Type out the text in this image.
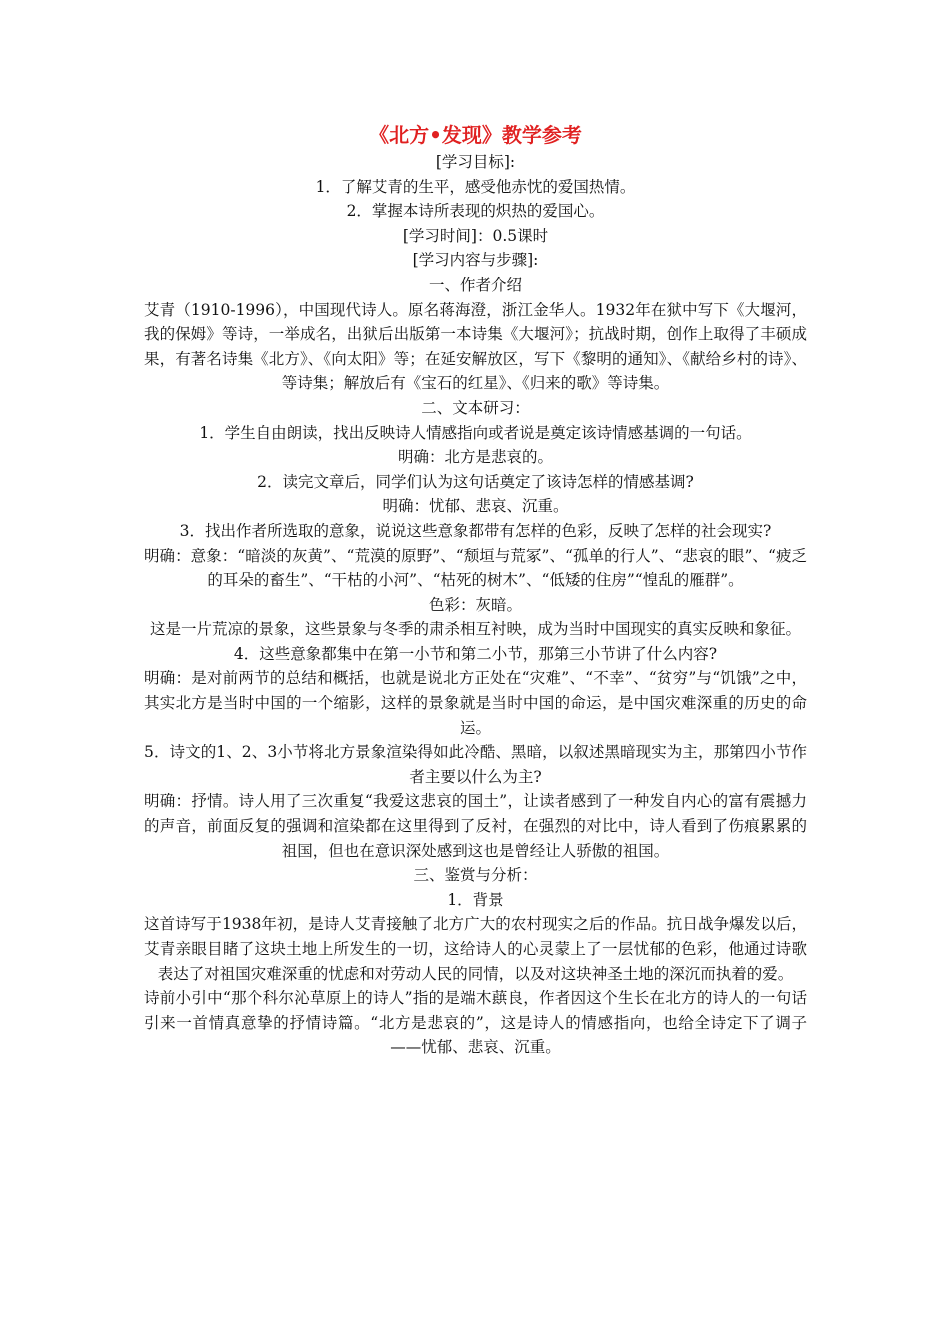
《北方•发现》教学参考

[学习目标]:

1．了解艾青的生平，感受他赤忱的爱国热情。

2．掌握本诗所表现的炽热的爱国心。

[学习时间]：0.5课时

[学习内容与步骤]:

一、作者介绍

艾青（1910-1996），中国现代诗人。原名蒋海澄，浙江金华人。1932年在狱中写下《大堰河，我的保姆》等诗，一举成名，出狱后出版第一本诗集《大堰河》；抗战时期，创作上取得了丰硕成果，有著名诗集《北方》、《向太阳》等；在延安解放区，写下《黎明的通知》、《献给乡村的诗》、等诗集；解放后有《宝石的红星》、《归来的歌》等诗集。

二、文本研习：

1．学生自由朗读，找出反映诗人情感指向或者说是奠定该诗情感基调的一句话。

明确：北方是悲哀的。

2．读完文章后，同学们认为这句话奠定了该诗怎样的情感基调?

明确：忧郁、悲哀、沉重。

3．找出作者所选取的意象，说说这些意象都带有怎样的色彩，反映了怎样的社会现实?

明确：意象：“暗淡的灰黄”、“荒漠的原野”、“颓垣与荒冢”、“孤单的行人”、“悲哀的眼”、“疲乏的耳朵的畜生”、“干枯的小河”、“枯死的树木”、“低矮的住房”“惶乱的雁群”。

色彩：灰暗。

这是一片荒凉的景象，这些景象与冬季的肃杀相互衬映，成为当时中国现实的真实反映和象征。

4．这些意象都集中在第一小节和第二小节，那第三小节讲了什么内容?

明确：是对前两节的总结和概括，也就是说北方正处在“灾难”、“不幸”、“贫穷”与“饥饿”之中，其实北方是当时中国的一个缩影，这样的景象就是当时中国的命运，是中国灾难深重的历史的命运。

5．诗文的1、2、3小节将北方景象渲染得如此冷酷、黑暗，以叙述黑暗现实为主，那第四小节作者主要以什么为主?

明确：抒情。诗人用了三次重复“我爱这悲哀的国土”，让读者感到了一种发自内心的富有震撼力的声音，前面反复的强调和渲染都在这里得到了反衬，在强烈的对比中，诗人看到了伤痕累累的祖国，但也在意识深处感到这也是曾经让人骄傲的祖国。

三、鉴赏与分析：

1．背景

这首诗写于1938年初，是诗人艾青接触了北方广大的农村现实之后的作品。抗日战争爆发以后，艾青亲眼目睹了这块土地上所发生的一切，这给诗人的心灵蒙上了一层忧郁的色彩，他通过诗歌表达了对祖国灾难深重的忧虑和对劳动人民的同情，以及对这块神圣土地的深沉而执着的爱。

诗前小引中“那个科尔沁草原上的诗人”指的是端木蕻良，作者因这个生长在北方的诗人的一句话引来一首情真意挚的抒情诗篇。“北方是悲哀的”，这是诗人的情感指向，也给全诗定下了调子——忧郁、悲哀、沉重。
